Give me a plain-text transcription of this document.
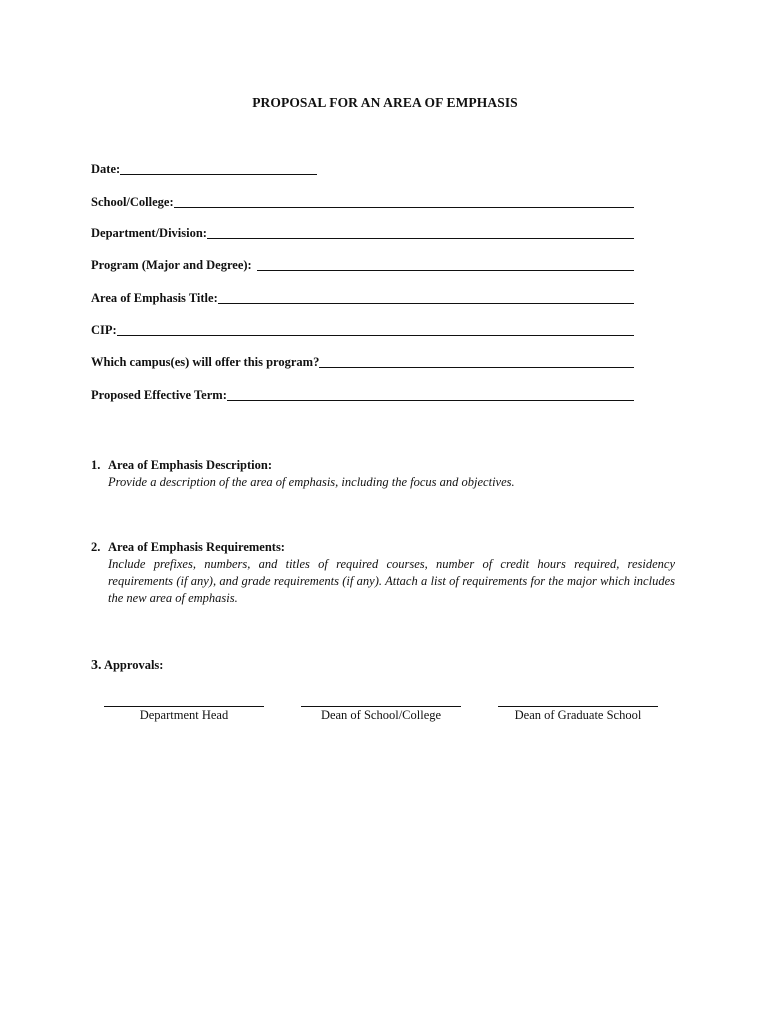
PROPOSAL FOR AN AREA OF EMPHASIS
Date:
School/College:
Department/Division:
Program (Major and Degree):
Area of Emphasis Title:
CIP:
Which campus(es) will offer this program?
Proposed Effective Term:
1. Area of Emphasis Description:
Provide a description of the area of emphasis, including the focus and objectives.
2. Area of Emphasis Requirements:
Include prefixes, numbers, and titles of required courses, number of credit hours required, residency requirements (if any), and grade requirements (if any). Attach a list of requirements for the major which includes the new area of emphasis.
3. Approvals:
Department Head	Dean of School/College	Dean of Graduate School
